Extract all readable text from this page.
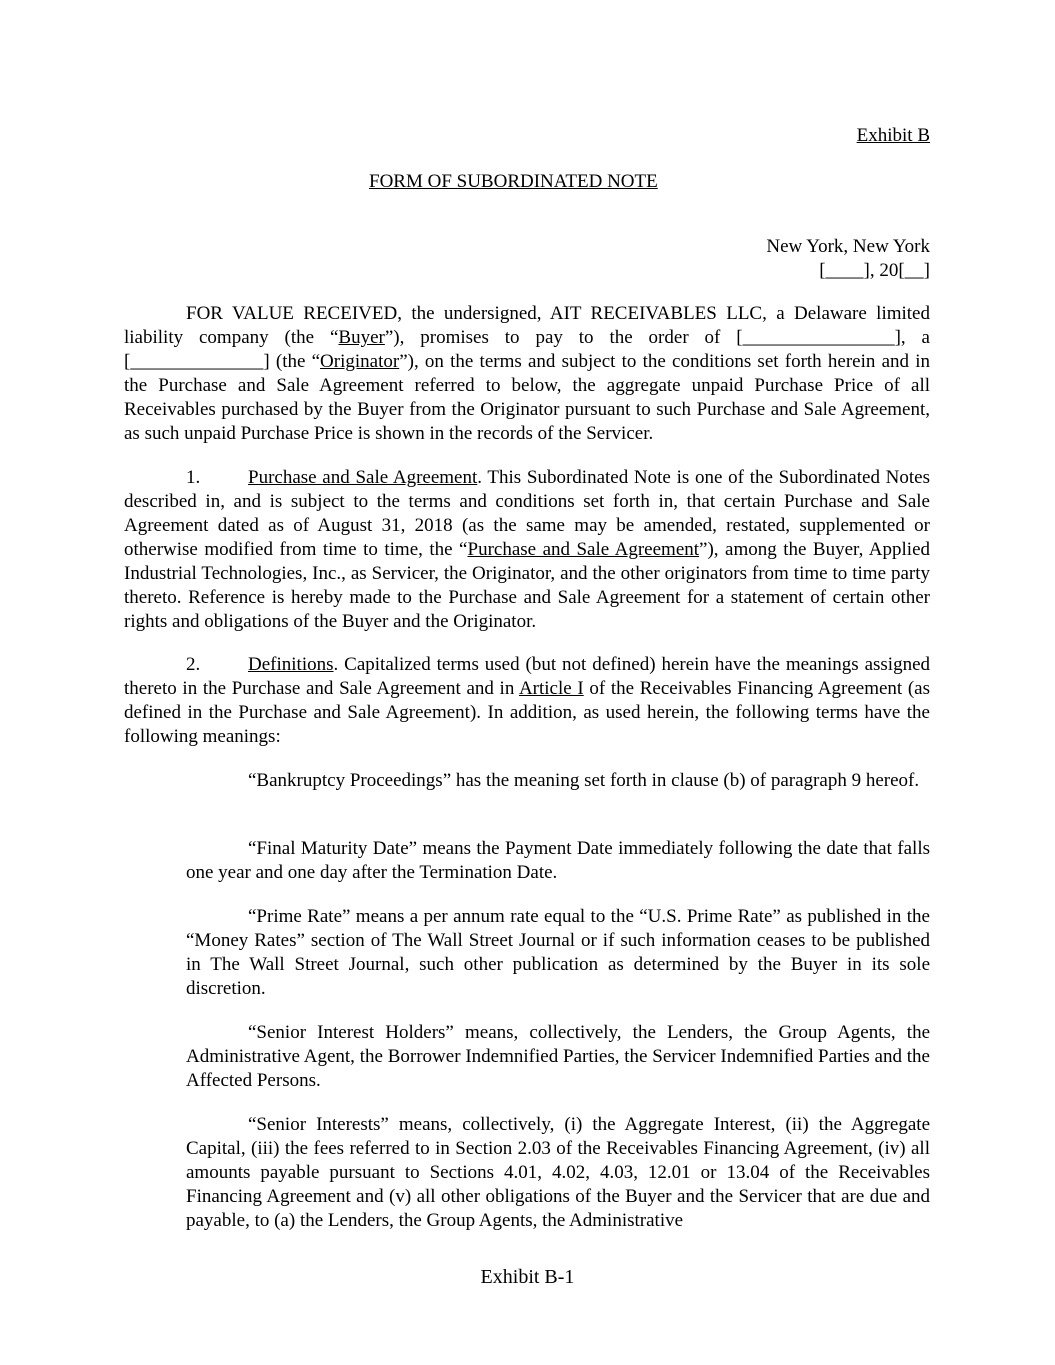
Exhibit B

FORM OF SUBORDINATED NOTE

New York, New York

[____], 20[__]

FOR VALUE RECEIVED, the undersigned, AIT RECEIVABLES LLC, a Delaware limited liability company (the “Buyer”), promises to pay to the order of [________________], a [______________] (the “Originator”), on the terms and subject to the conditions set forth herein and in the Purchase and Sale Agreement referred to below, the aggregate unpaid Purchase Price of all Receivables purchased by the Buyer from the Originator pursuant to such Purchase and Sale Agreement, as such unpaid Purchase Price is shown in the records of the Servicer.

1.	Purchase and Sale Agreement. This Subordinated Note is one of the Subordinated Notes described in, and is subject to the terms and conditions set forth in, that certain Purchase and Sale Agreement dated as of August 31, 2018 (as the same may be amended, restated, supplemented or otherwise modified from time to time, the “Purchase and Sale Agreement”), among the Buyer, Applied Industrial Technologies, Inc., as Servicer, the Originator, and the other originators from time to time party thereto. Reference is hereby made to the Purchase and Sale Agreement for a statement of certain other rights and obligations of the Buyer and the Originator.

2.	Definitions. Capitalized terms used (but not defined) herein have the meanings assigned thereto in the Purchase and Sale Agreement and in Article I of the Receivables Financing Agreement (as defined in the Purchase and Sale Agreement). In addition, as used herein, the following terms have the following meanings:

“Bankruptcy Proceedings” has the meaning set forth in clause (b) of paragraph 9 hereof.

“Final Maturity Date” means the Payment Date immediately following the date that falls one year and one day after the Termination Date.

“Prime Rate” means a per annum rate equal to the “U.S. Prime Rate” as published in the “Money Rates” section of The Wall Street Journal or if such information ceases to be published in The Wall Street Journal, such other publication as determined by the Buyer in its sole discretion.

“Senior Interest Holders” means, collectively, the Lenders, the Group Agents, the Administrative Agent, the Borrower Indemnified Parties, the Servicer Indemnified Parties and the Affected Persons.

“Senior Interests” means, collectively, (i) the Aggregate Interest, (ii) the Aggregate Capital, (iii) the fees referred to in Section 2.03 of the Receivables Financing Agreement, (iv) all amounts payable pursuant to Sections 4.01, 4.02, 4.03, 12.01 or 13.04 of the Receivables Financing Agreement and (v) all other obligations of the Buyer and the Servicer that are due and payable, to (a) the Lenders, the Group Agents, the Administrative

Exhibit B-1
